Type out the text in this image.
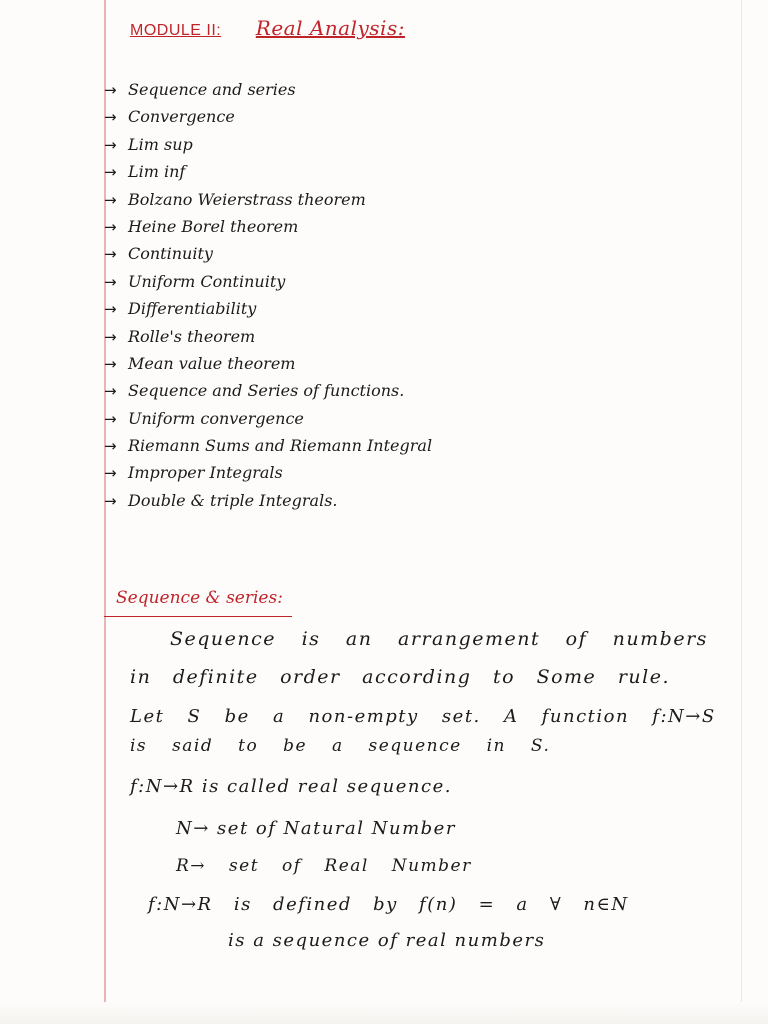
MODULE II: Real Analysis:
→ Sequence and series
→ Convergence
→ Lim sup
→ Lim inf
→ Bolzano Weierstrass theorem
→ Heine Borel theorem
→ Continuity
→ Uniform Continuity
→ Differentiability
→ Rolle's theorem
→ Mean value theorem
→ Sequence and Series of functions.
→ Uniform convergence
→ Riemann Sums and Riemann Integral
→ Improper Integrals
→ Double & triple Integrals.
Sequence & series:
Sequence is an arrangement of numbers
in definite order according to Some rule.
Let S be a non-empty set. A function f:N→S
is said to be a sequence in S.
f:N→R is called real sequence.
N→ set of Natural Number
R→ set of Real Number
f:N→R is defined by f(n) = a ∀ n∈N
is a sequence of real numbers
